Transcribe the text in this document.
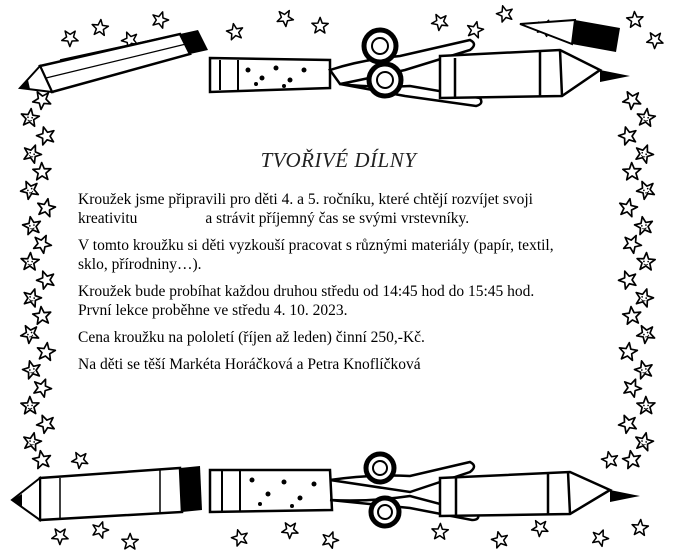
TVOŘIVÉ DÍLNY

Kroužek jsme připravili pro děti 4. a 5. ročníku, které chtějí rozvíjet svoji
kreativitu	a strávit příjemný čas se svými vrstevníky.

V tomto kroužku si děti vyzkouší pracovat s různými materiály (papír, textil,
sklo, přírodniny…).

Kroužek bude probíhat každou druhou středu od 14:45 hod do 15:45 hod.
První lekce proběhne ve středu 4. 10. 2023.

Cena kroužku na pololetí (říjen až leden) činní 250,-Kč.

Na děti se těší Markéta Horáčková a Petra Knoflíčková
